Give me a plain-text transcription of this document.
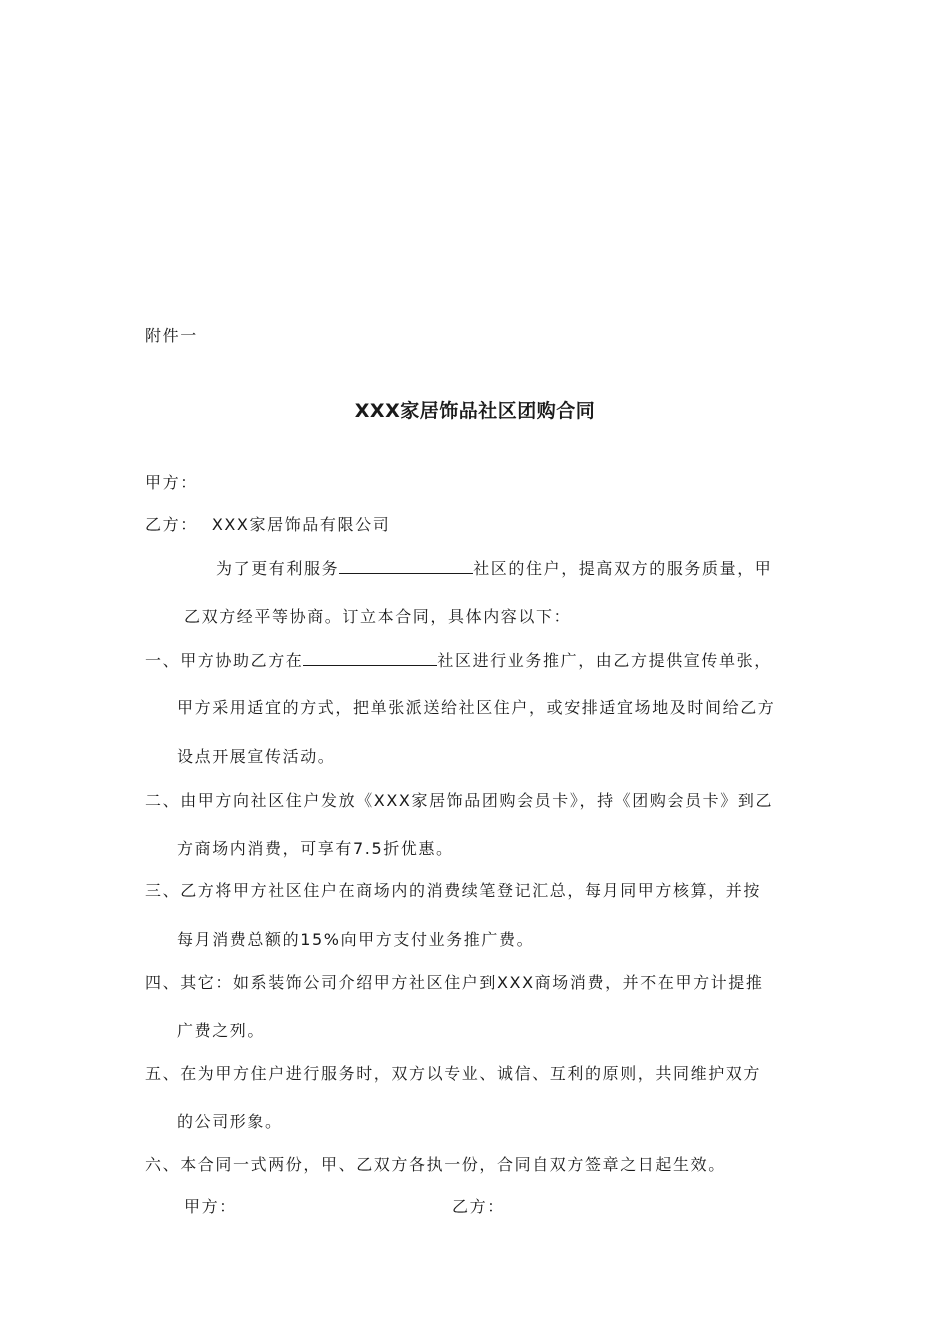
附件一
XXX家居饰品社区团购合同
甲方：
乙方： XXX家居饰品有限公司
为了更有利服务	社区的住户，提高双方的服务质量，甲
乙双方经平等协商。订立本合同，具体内容以下：
一、甲方协助乙方在	社区进行业务推广，由乙方提供宣传单张，
甲方采用适宜的方式，把单张派送给社区住户，或安排适宜场地及时间给乙方
设点开展宣传活动。
二、由甲方向社区住户发放《XXX家居饰品团购会员卡》，持《团购会员卡》到乙
方商场内消费，可享有7.5折优惠。
三、乙方将甲方社区住户在商场内的消费续笔登记汇总，每月同甲方核算，并按
每月消费总额的15%向甲方支付业务推广费。
四、其它：如系装饰公司介绍甲方社区住户到XXX商场消费，并不在甲方计提推
广费之列。
五、在为甲方住户进行服务时，双方以专业、诚信、互利的原则，共同维护双方
的公司形象。
六、本合同一式两份，甲、乙双方各执一份，合同自双方签章之日起生效。
甲方：	乙方：
